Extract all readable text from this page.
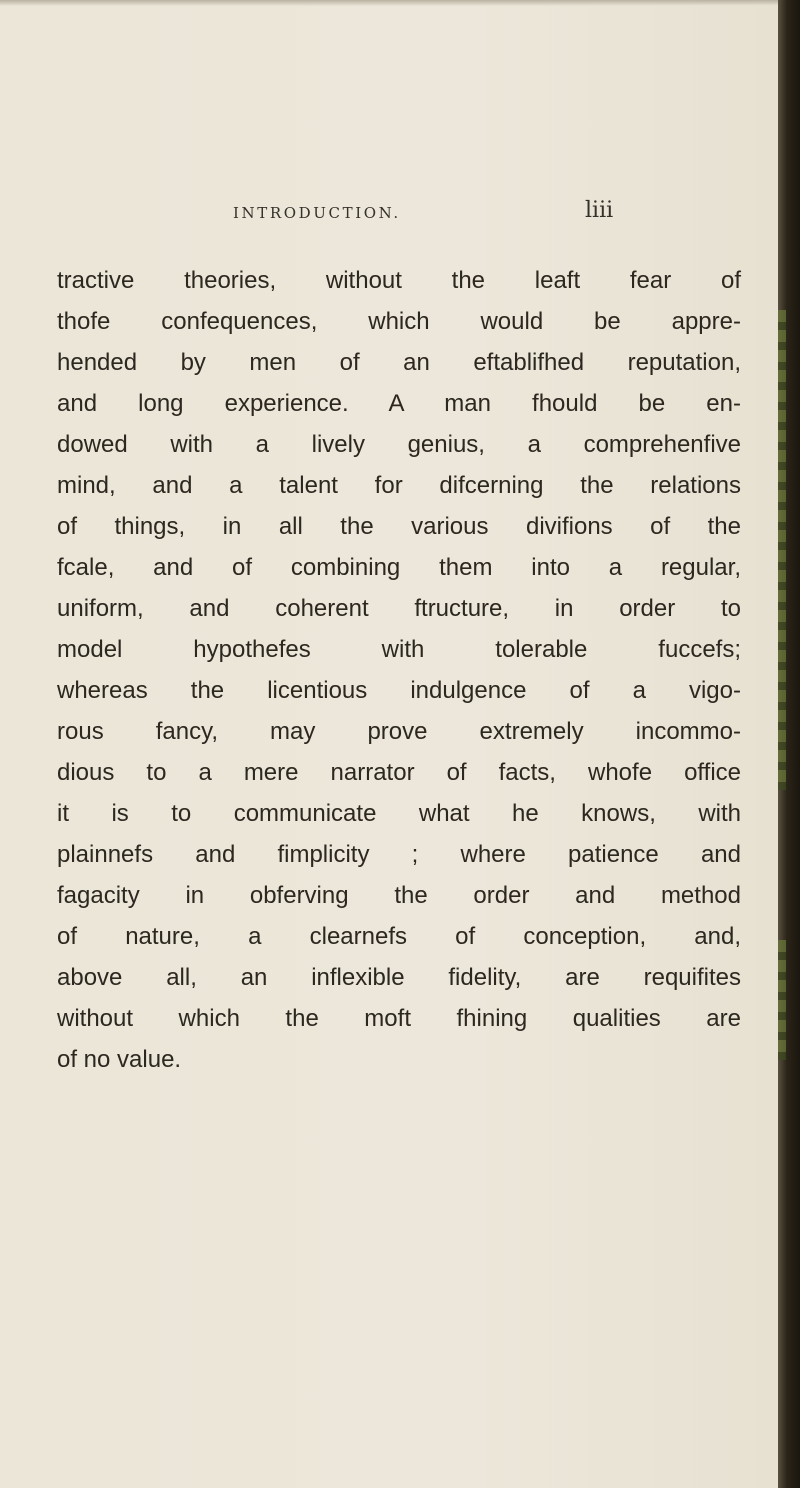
INTRODUCTION.	liii
tractive theories, without the leaft fear of
thofe confequences, which would be appre-
hended by men of an eftablifhed reputation,
and long experience. A man fhould be en-
dowed with a lively genius, a comprehenfive
mind, and a talent for difcerning the relations
of things, in all the various divifions of the
fcale, and of combining them into a regular,
uniform, and coherent ftructure, in order to
model hypothefes with tolerable fuccefs;
whereas the licentious indulgence of a vigo-
rous fancy, may prove extremely incommo-
dious to a mere narrator of facts, whofe office
it is to communicate what he knows, with
plainnefs and fimplicity ; where patience and
fagacity in obferving the order and method
of nature, a clearnefs of conception, and,
above all, an inflexible fidelity, are requifites
without which the moft fhining qualities are
of no value.
